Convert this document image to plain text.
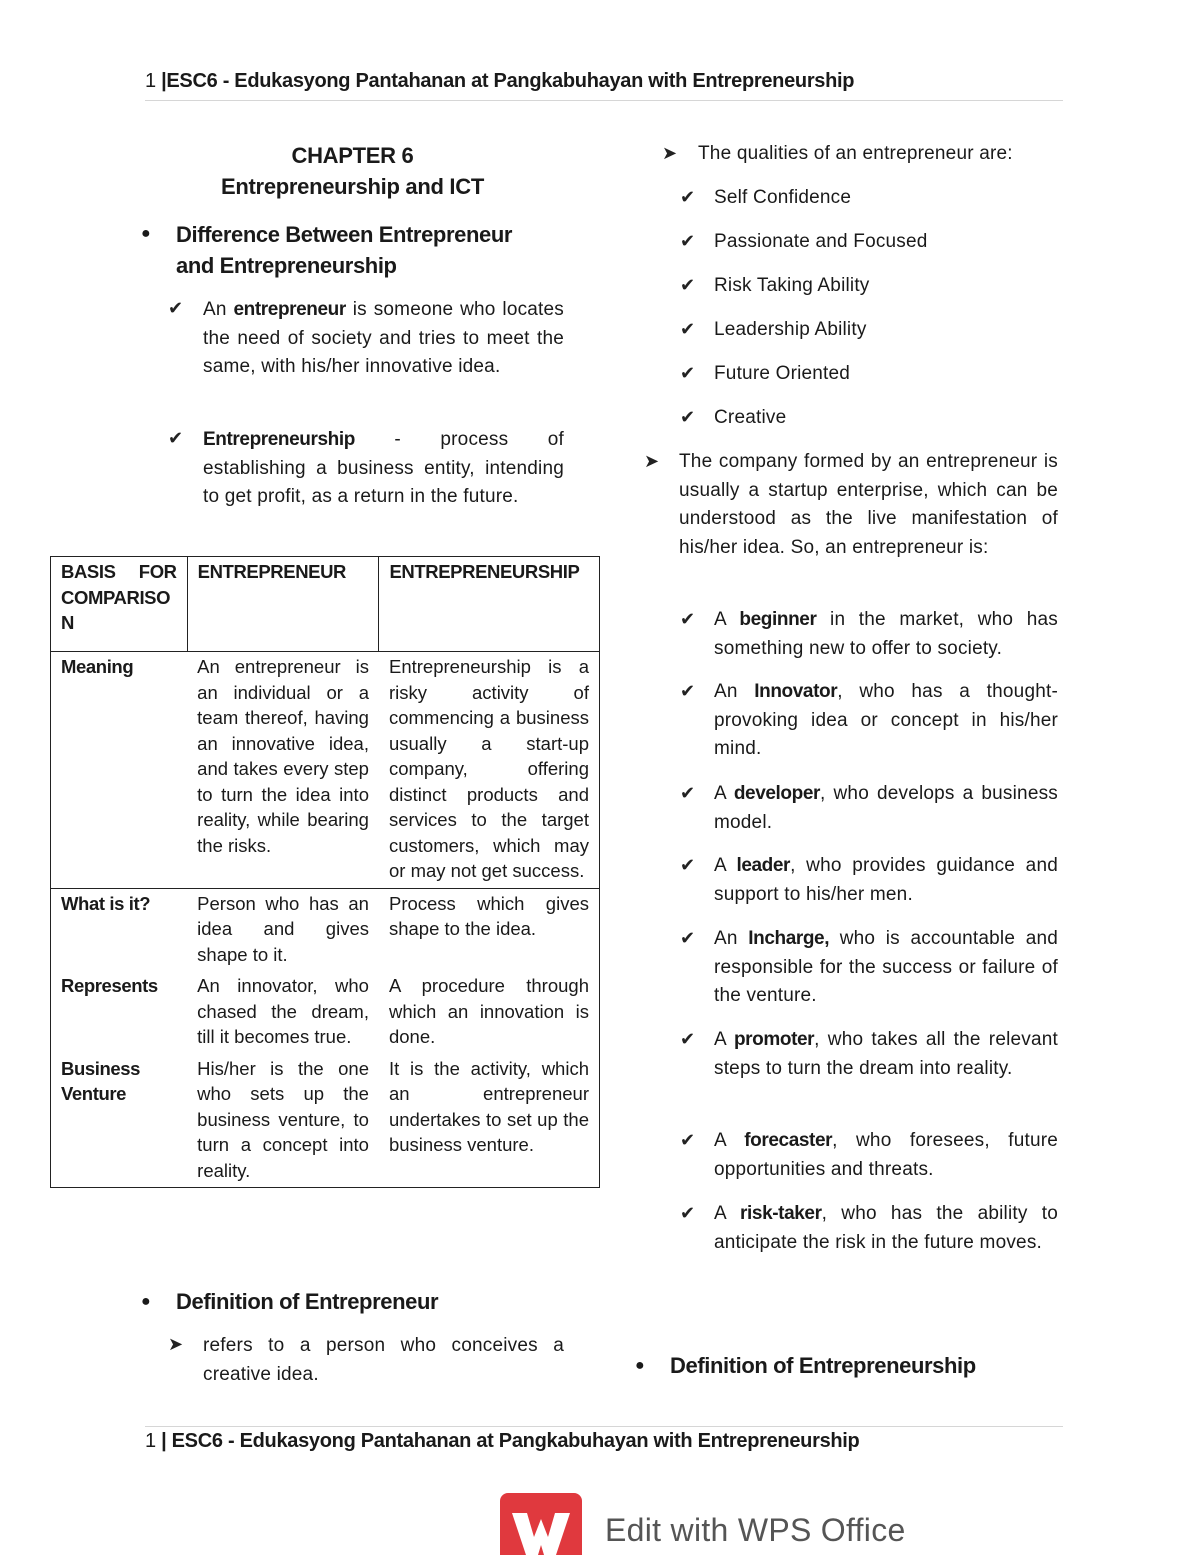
1 |ESC6 - Edukasyong Pantahanan at Pangkabuhayan with Entrepreneurship
CHAPTER 6
Entrepreneurship and ICT
● Difference Between Entrepreneur
and Entrepreneurship
✔ An entrepreneur is someone who locates the need of society and tries to meet the same, with his/her innovative idea.
✔ Entrepreneurship - process of establishing a business entity, intending to get profit, as a return in the future.
BASIS FOR COMPARISO N	ENTREPRENEUR	ENTREPRENEURSHIP
Meaning	An entrepreneur is an individual or a team thereof, having an innovative idea, and takes every step to turn the idea into reality, while bearing the risks.	Entrepreneurship is a risky activity of commencing a business usually a start-up company, offering distinct products and services to the target customers, which may or may not get success.
What is it?	Person who has an idea and gives shape to it.	Process which gives shape to the idea.
Represents	An innovator, who chased the dream, till it becomes true.	A procedure through which an innovation is done.
Business Venture	His/her is the one who sets up the business venture, to turn a concept into reality.	It is the activity, which an entrepreneur undertakes to set up the business venture.
● Definition of Entrepreneur
➤ refers to a person who conceives a creative idea.
➤ The qualities of an entrepreneur are:
✔ Self Confidence
✔ Passionate and Focused
✔ Risk Taking Ability
✔ Leadership Ability
✔ Future Oriented
✔ Creative
➤ The company formed by an entrepreneur is usually a startup enterprise, which can be understood as the live manifestation of his/her idea. So, an entrepreneur is:
✔ A beginner in the market, who has something new to offer to society.
✔ An Innovator, who has a thought-provoking idea or concept in his/her mind.
✔ A developer, who develops a business model.
✔ A leader, who provides guidance and support to his/her men.
✔ An Incharge, who is accountable and responsible for the success or failure of the venture.
✔ A promoter, who takes all the relevant steps to turn the dream into reality.
✔ A forecaster, who foresees, future opportunities and threats.
✔ A risk-taker, who has the ability to anticipate the risk in the future moves.
● Definition of Entrepreneurship
1 | ESC6 - Edukasyong Pantahanan at Pangkabuhayan with Entrepreneurship
Edit with WPS Office
